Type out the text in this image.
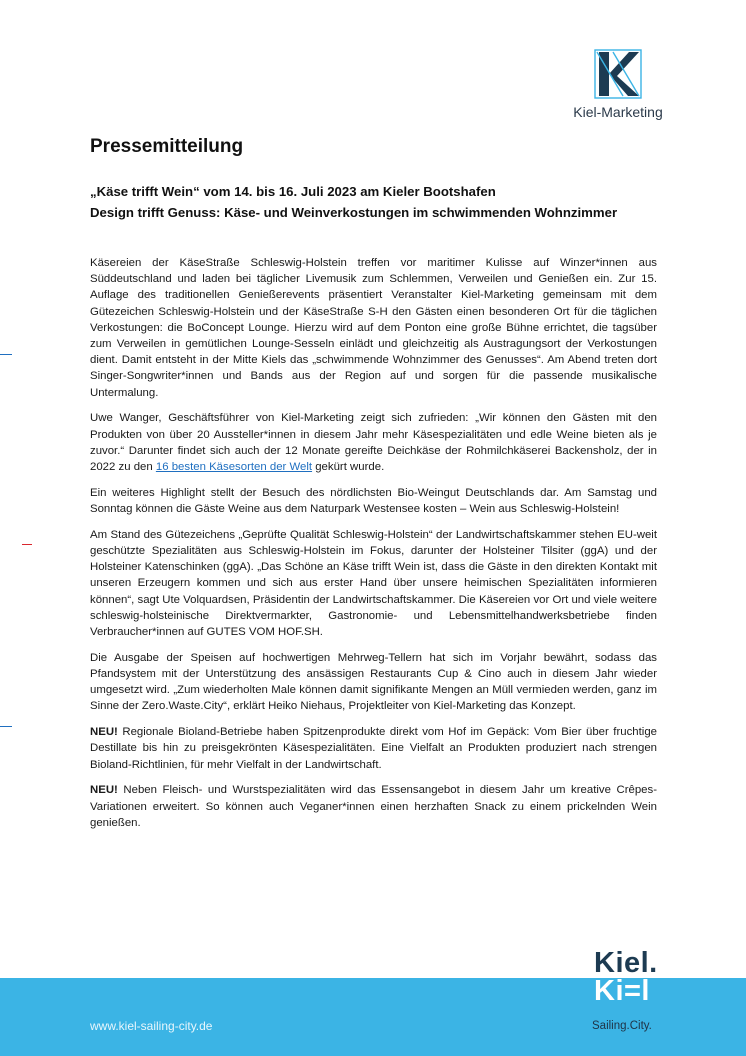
Kiel-Marketing
Pressemitteilung
„Käse trifft Wein“ vom 14. bis 16. Juli 2023 am Kieler Bootshafen
Design trifft Genuss: Käse- und Weinverkostungen im schwimmenden Wohnzimmer

Käsereien der KäseStraße Schleswig-Holstein treffen vor maritimer Kulisse auf Winzer*innen aus Süddeutschland und laden bei täglicher Livemusik zum Schlemmen, Verweilen und Genießen ein. Zur 15. Auflage des traditionellen Genießerevents präsentiert Veranstalter Kiel-Marketing gemeinsam mit dem Gütezeichen Schleswig-Holstein und der KäseStraße S-H den Gästen einen besonderen Ort für die täglichen Verkostungen: die BoConcept Lounge. Hierzu wird auf dem Ponton eine große Bühne errichtet, die tagsüber zum Verweilen in gemütlichen Lounge-Sesseln einlädt und gleichzeitig als Austragungsort der Verkostungen dient. Damit entsteht in der Mitte Kiels das „schwimmende Wohnzimmer des Genusses“. Am Abend treten dort Singer-Songwriter*innen und Bands aus der Region auf und sorgen für die passende musikalische Untermalung.

Uwe Wanger, Geschäftsführer von Kiel-Marketing zeigt sich zufrieden: „Wir können den Gästen mit den Produkten von über 20 Aussteller*innen in diesem Jahr mehr Käsespezialitäten und edle Weine bieten als je zuvor.“ Darunter findet sich auch der 12 Monate gereifte Deichkäse der Rohmilchkäserei Backensholz, der in 2022 zu den 16 besten Käsesorten der Welt gekürt wurde.

Ein weiteres Highlight stellt der Besuch des nördlichsten Bio-Weingut Deutschlands dar. Am Samstag und Sonntag können die Gäste Weine aus dem Naturpark Westensee kosten – Wein aus Schleswig-Holstein!

Am Stand des Gütezeichens „Geprüfte Qualität Schleswig-Holstein“ der Landwirtschaftskammer stehen EU-weit geschützte Spezialitäten aus Schleswig-Holstein im Fokus, darunter der Holsteiner Tilsiter (ggA) und der Holsteiner Katenschinken (ggA). „Das Schöne an Käse trifft Wein ist, dass die Gäste in den direkten Kontakt mit unseren Erzeugern kommen und sich aus erster Hand über unsere heimischen Spezialitäten informieren können“, sagt Ute Volquardsen, Präsidentin der Landwirtschaftskammer. Die Käsereien vor Ort und viele weitere schleswig-holsteinische Direktvermarkter, Gastronomie- und Lebensmittelhandwerksbetriebe finden Verbraucher*innen auf GUTES VOM HOF.SH.

Die Ausgabe der Speisen auf hochwertigen Mehrweg-Tellern hat sich im Vorjahr bewährt, sodass das Pfandsystem mit der Unterstützung des ansässigen Restaurants Cup & Cino auch in diesem Jahr wieder umgesetzt wird. „Zum wiederholten Male können damit signifikante Mengen an Müll vermieden werden, ganz im Sinne der Zero.Waste.City“, erklärt Heiko Niehaus, Projektleiter von Kiel-Marketing das Konzept.

NEU! Regionale Bioland-Betriebe haben Spitzenprodukte direkt vom Hof im Gepäck: Vom Bier über fruchtige Destillate bis hin zu preisgekrönten Käsespezialitäten. Eine Vielfalt an Produkten produziert nach strengen Bioland-Richtlinien, für mehr Vielfalt in der Landwirtschaft.

NEU! Neben Fleisch- und Wurstspezialitäten wird das Essensangebot in diesem Jahr um kreative Crêpes-Variationen erweitert. So können auch Veganer*innen einen herzhaften Snack zu einem prickelnden Wein genießen.

www.kiel-sailing-city.de	Sailing.City.
Kiel.
Ki=l
